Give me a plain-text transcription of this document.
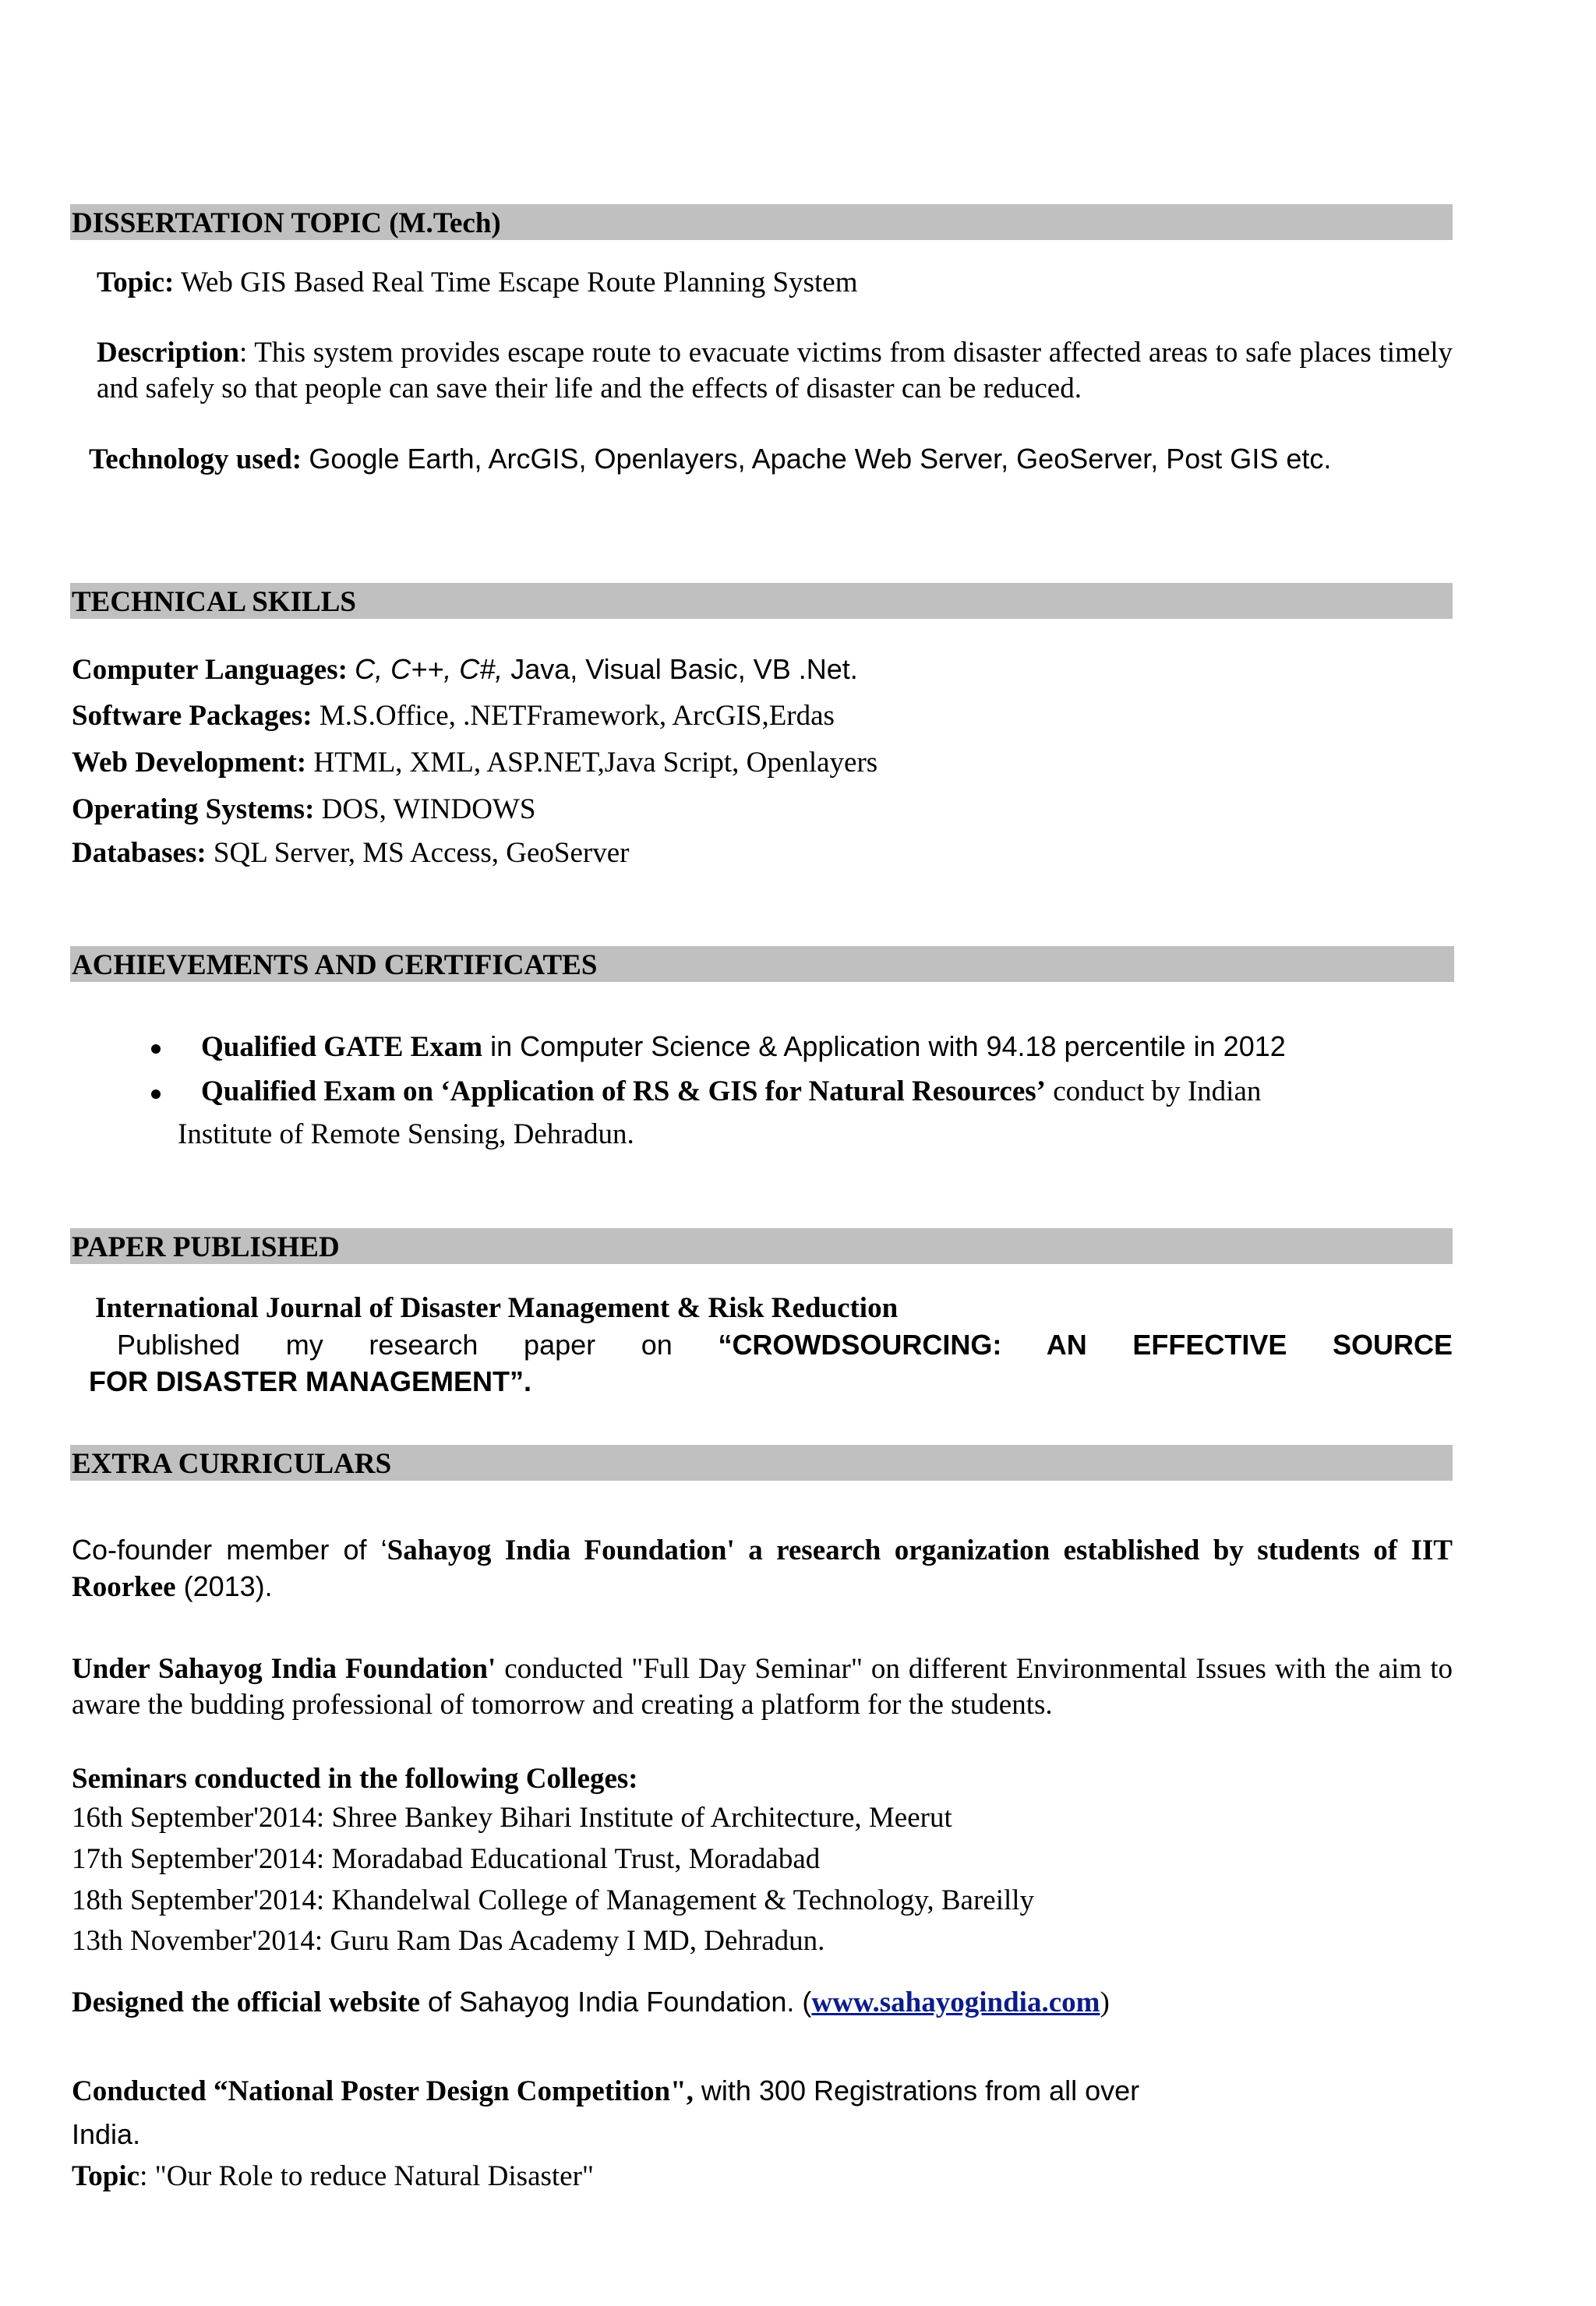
DISSERTATION TOPIC (M.Tech)
Topic: Web GIS Based Real Time Escape Route Planning System
Description: This system provides escape route to evacuate victims from disaster affected areas to safe places timely and safely so that people can save their life and the effects of disaster can be reduced.
Technology used: Google Earth, ArcGIS, Openlayers, Apache Web Server, GeoServer, Post GIS etc.
TECHNICAL SKILLS
Computer Languages: C, C++, C#, Java, Visual Basic, VB .Net.
Software Packages: M.S.Office, .NETFramework, ArcGIS,Erdas
Web Development: HTML, XML, ASP.NET,Java Script, Openlayers
Operating Systems: DOS, WINDOWS
Databases: SQL Server, MS Access, GeoServer
ACHIEVEMENTS AND CERTIFICATES
Qualified GATE Exam in Computer Science & Application with 94.18 percentile in 2012
Qualified Exam on ‘Application of RS & GIS for Natural Resources’ conduct by Indian
Institute of Remote Sensing, Dehradun.
PAPER PUBLISHED
International Journal of Disaster Management & Risk Reduction
Published my research paper on “CROWDSOURCING: AN EFFECTIVE SOURCE
FOR DISASTER MANAGEMENT”.
EXTRA CURRICULARS
Co-founder member of ‘Sahayog India Foundation' a research organization established by students of IIT Roorkee (2013).
Under Sahayog India Foundation' conducted "Full Day Seminar" on different Environmental Issues with the aim to aware the budding professional of tomorrow and creating a platform for the students.
Seminars conducted in the following Colleges:
16th September'2014: Shree Bankey Bihari Institute of Architecture, Meerut
17th September'2014: Moradabad Educational Trust, Moradabad
18th September'2014: Khandelwal College of Management & Technology, Bareilly
13th November'2014: Guru Ram Das Academy I MD, Dehradun.
Designed the official website of Sahayog India Foundation. (www.sahayogindia.com)
Conducted “National Poster Design Competition", with 300 Registrations from all over
India.
Topic: "Our Role to reduce Natural Disaster"
